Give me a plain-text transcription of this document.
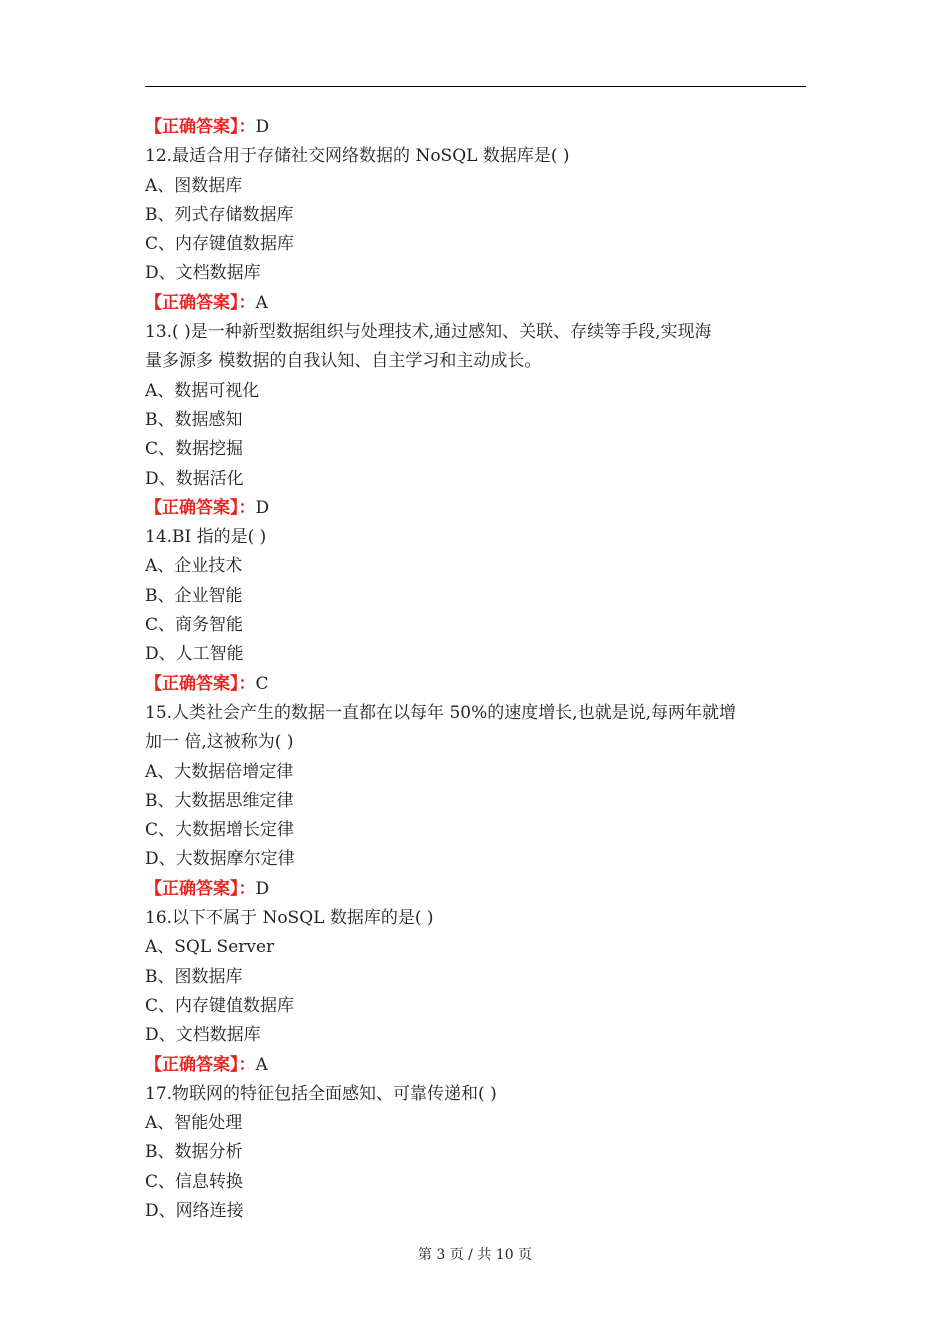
【正确答案】：D
12.最适合用于存储社交网络数据的 NoSQL 数据库是( )
A、图数据库
B、列式存储数据库
C、内存键值数据库
D、文档数据库
【正确答案】：A
13.( )是一种新型数据组织与处理技术,通过感知、关联、存续等手段,实现海
量多源多 模数据的自我认知、自主学习和主动成长。
A、数据可视化
B、数据感知
C、数据挖掘
D、数据活化
【正确答案】：D
14.BI 指的是( )
A、企业技术
B、企业智能
C、商务智能
D、人工智能
【正确答案】：C
15.人类社会产生的数据一直都在以每年 50%的速度增长,也就是说,每两年就增
加一 倍,这被称为( )
A、大数据倍增定律
B、大数据思维定律
C、大数据增长定律
D、大数据摩尔定律
【正确答案】：D
16.以下不属于 NoSQL 数据库的是( )
A、SQL Server
B、图数据库
C、内存键值数据库
D、文档数据库
【正确答案】：A
17.物联网的特征包括全面感知、可靠传递和( )
A、智能处理
B、数据分析
C、信息转换
D、网络连接
第 3 页 / 共 10 页
